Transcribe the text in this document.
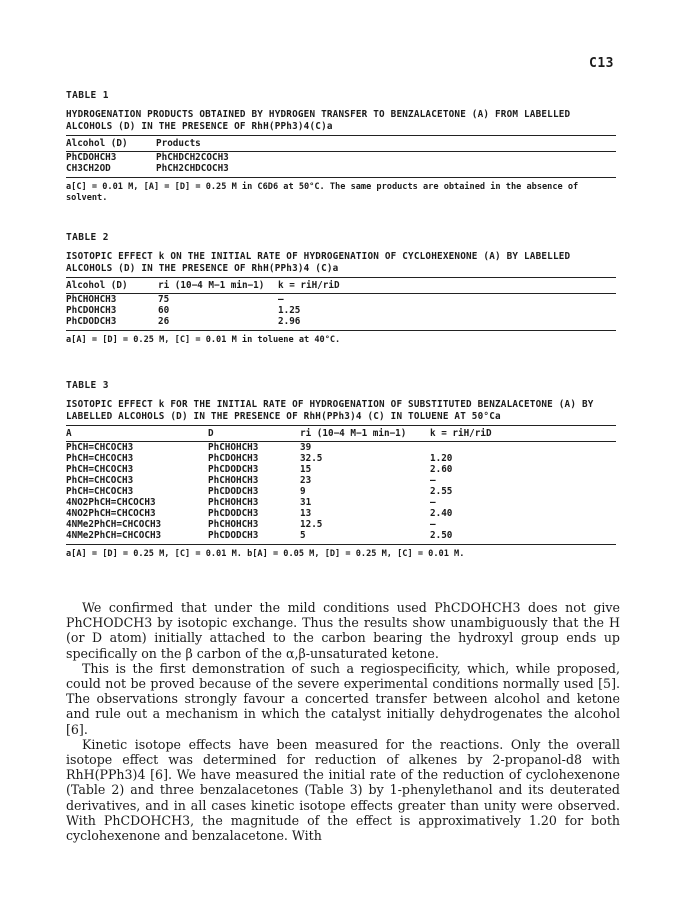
C13
TABLE 1
HYDROGENATION PRODUCTS OBTAINED BY HYDROGEN TRANSFER TO BENZALACETONE (A) FROM LABELLED ALCOHOLS (D) IN THE PRESENCE OF RhH(PPh3)4(C)a
Alcohol (D)	Products
PhCDOHCH3	PhCHDCH2COCH3
CH3CH2OD	PhCH2CHDCOCH3
a[C] = 0.01 M, [A] = [D] = 0.25 M in C6D6 at 50°C. The same products are obtained in the absence of solvent.
TABLE 2
ISOTOPIC EFFECT k ON THE INITIAL RATE OF HYDROGENATION OF CYCLOHEXENONE (A) BY LABELLED ALCOHOLS (D) IN THE PRESENCE OF RhH(PPh3)4 (C)a
Alcohol (D)	ri (10−4 M−1 min−1)	k = riH/riD
PhCHOHCH3	75	—
PhCDOHCH3	60	1.25
PhCDODCH3	26	2.96
a[A] = [D] = 0.25 M, [C] = 0.01 M in toluene at 40°C.
TABLE 3
ISOTOPIC EFFECT k FOR THE INITIAL RATE OF HYDROGENATION OF SUBSTITUTED BENZALACETONE (A) BY LABELLED ALCOHOLS (D) IN THE PRESENCE OF RhH(PPh3)4 (C) IN TOLUENE AT 50°Ca
A	D	ri (10−4 M−1 min−1)	k = riH/riD
PhCH=CHCOCH3	PhCHOHCH3	39	
PhCH=CHCOCH3	PhCDOHCH3	32.5	1.20
PhCH=CHCOCH3	PhCDODCH3	15	2.60
PhCH=CHCOCH3	PhCHOHCH3	23	—
PhCH=CHCOCH3	PhCDODCH3	9	2.55
4NO2PhCH=CHCOCH3	PhCHOHCH3	31	—
4NO2PhCH=CHCOCH3	PhCDODCH3	13	2.40
4NMe2PhCH=CHCOCH3	PhCHOHCH3	12.5	—
4NMe2PhCH=CHCOCH3	PhCDODCH3	5	2.50
a[A] = [D] = 0.25 M, [C] = 0.01 M. b[A] = 0.05 M, [D] = 0.25 M, [C] = 0.01 M.

We confirmed that under the mild conditions used PhCDOHCH3 does not give PhCHODCH3 by isotopic exchange. Thus the results show unambiguously that the H (or D atom) initially attached to the carbon bearing the hydroxyl group ends up specifically on the β carbon of the α,β-unsaturated ketone.

This is the first demonstration of such a regiospecificity, which, while proposed, could not be proved because of the severe experimental conditions normally used [5]. The observations strongly favour a concerted transfer between alcohol and ketone and rule out a mechanism in which the catalyst initially dehydrogenates the alcohol [6].

Kinetic isotope effects have been measured for the reactions. Only the overall isotope effect was determined for reduction of alkenes by 2-propanol-d8 with RhH(PPh3)4 [6]. We have measured the initial rate of the reduction of cyclohexenone (Table 2) and three benzalacetones (Table 3) by 1-phenylethanol and its deuterated derivatives, and in all cases kinetic isotope effects greater than unity were observed. With PhCDOHCH3, the magnitude of the effect is approximatively 1.20 for both cyclohexenone and benzalacetone. With
